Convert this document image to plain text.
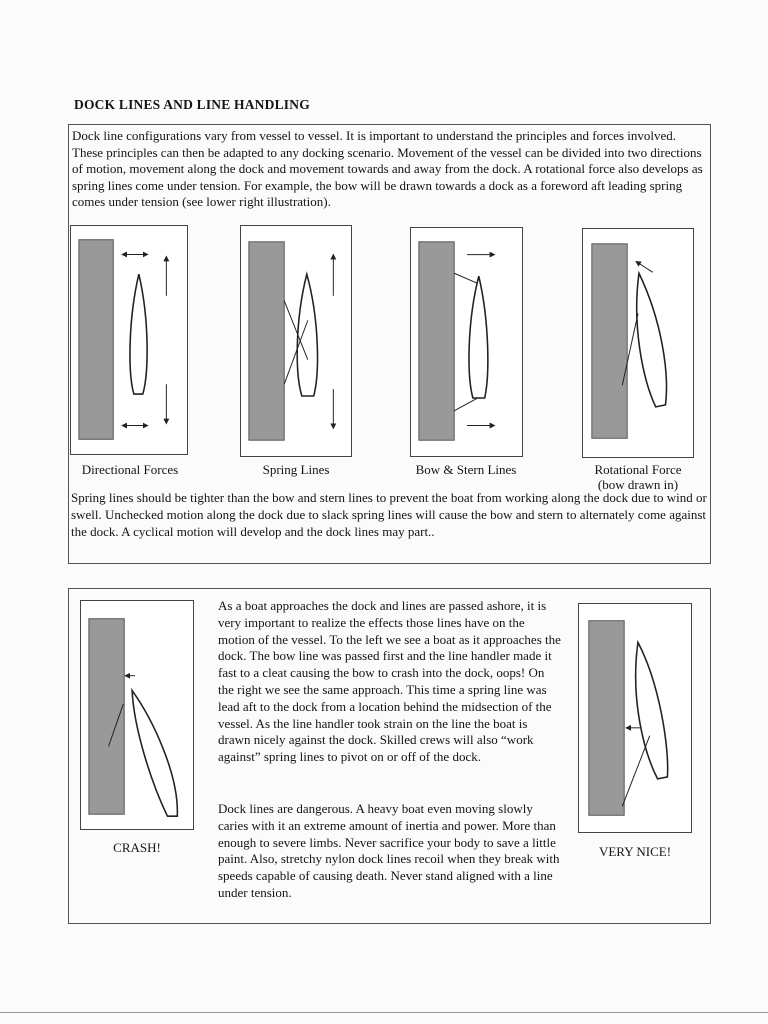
DOCK LINES AND LINE HANDLING

Dock line configurations vary from vessel to vessel. It is important to understand the principles and forces involved. These principles can then be adapted to any docking scenario. Movement of the vessel can be divided into two directions of motion, movement along the dock and movement towards and away from the dock. A rotational force also develops as spring lines come under tension. For example, the bow will be drawn towards a dock as a foreword aft leading spring comes under tension (see lower right illustration).

Directional Forces	Spring Lines	Bow & Stern Lines	Rotational Force
(bow drawn in)

Spring lines should be tighter than the bow and stern lines to prevent the boat from working along the dock due to wind or swell. Unchecked motion along the dock due to slack spring lines will cause the bow and stern to alternately come against the dock. A cyclical motion will develop and the dock lines may part..

CRASH!

As a boat approaches the dock and lines are passed ashore, it is very important to realize the effects those lines have on the motion of the vessel. To the left we see a boat as it approaches the dock. The bow line was passed first and the line handler made it fast to a cleat causing the bow to crash into the dock, oops! On the right we see the same approach. This time a spring line was lead aft to the dock from a location behind the midsection of the vessel. As the line handler took strain on the line the boat is drawn nicely against the dock. Skilled crews will also “work against” spring lines to pivot on or off of the dock.

Dock lines are dangerous. A heavy boat even moving slowly caries with it an extreme amount of inertia and power. More than enough to severe limbs. Never sacrifice your body to save a little paint. Also, stretchy nylon dock lines recoil when they break with speeds capable of causing death. Never stand aligned with a line under tension.

VERY NICE!
